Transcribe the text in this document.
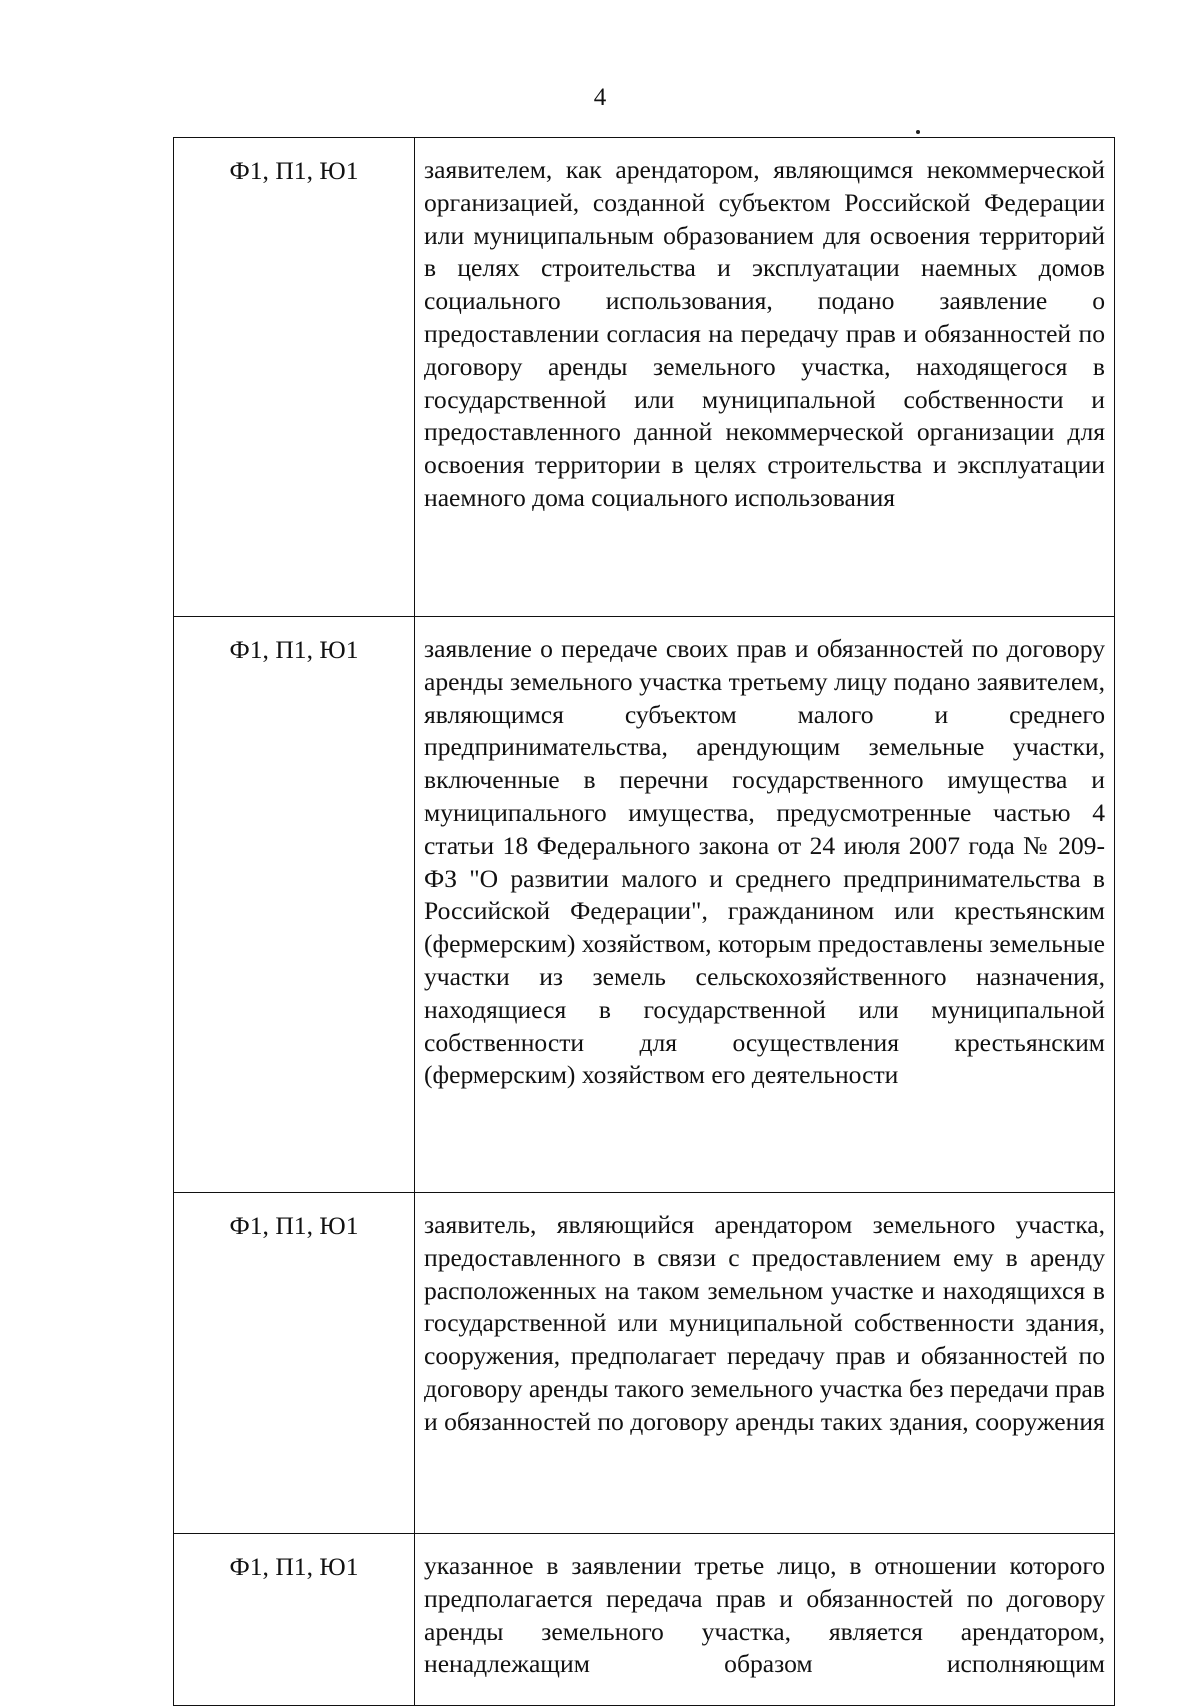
4
Ф1, П1, Ю1	заявителем, как арендатором, являющимся некоммерческой организацией, созданной субъектом Российской Федерации или муниципальным образованием для освоения территорий в целях строительства и эксплуатации наемных домов социального использования, подано заявление о предоставлении согласия на передачу прав и обязанностей по договору аренды земельного участка, находящегося в государственной или муниципальной собственности и предоставленного данной некоммерческой организации для освоения территории в целях строительства и эксплуатации наемного дома социального использования
Ф1, П1, Ю1	заявление о передаче своих прав и обязанностей по договору аренды земельного участка третьему лицу подано заявителем, являющимся субъектом малого и среднего предпринимательства, арендующим земельные участки, включенные в перечни государственного имущества и муниципального имущества, предусмотренные частью 4 статьи 18 Федерального закона от 24 июля 2007 года № 209-ФЗ "О развитии малого и среднего предпринимательства в Российской Федерации", гражданином или крестьянским (фермерским) хозяйством, которым предоставлены земельные участки из земель сельскохозяйственного назначения, находящиеся в государственной или муниципальной собственности для осуществления крестьянским (фермерским) хозяйством его деятельности
Ф1, П1, Ю1	заявитель, являющийся арендатором земельного участка, предоставленного в связи с предоставлением ему в аренду расположенных на таком земельном участке и находящихся в государственной или муниципальной собственности здания, сооружения, предполагает передачу прав и обязанностей по договору аренды такого земельного участка без передачи прав и обязанностей по договору аренды таких здания, сооружения
Ф1, П1, Ю1	указанное в заявлении третье лицо, в отношении которого предполагается передача прав и обязанностей по договору аренды земельного участка, является арендатором, ненадлежащим образом исполняющим
